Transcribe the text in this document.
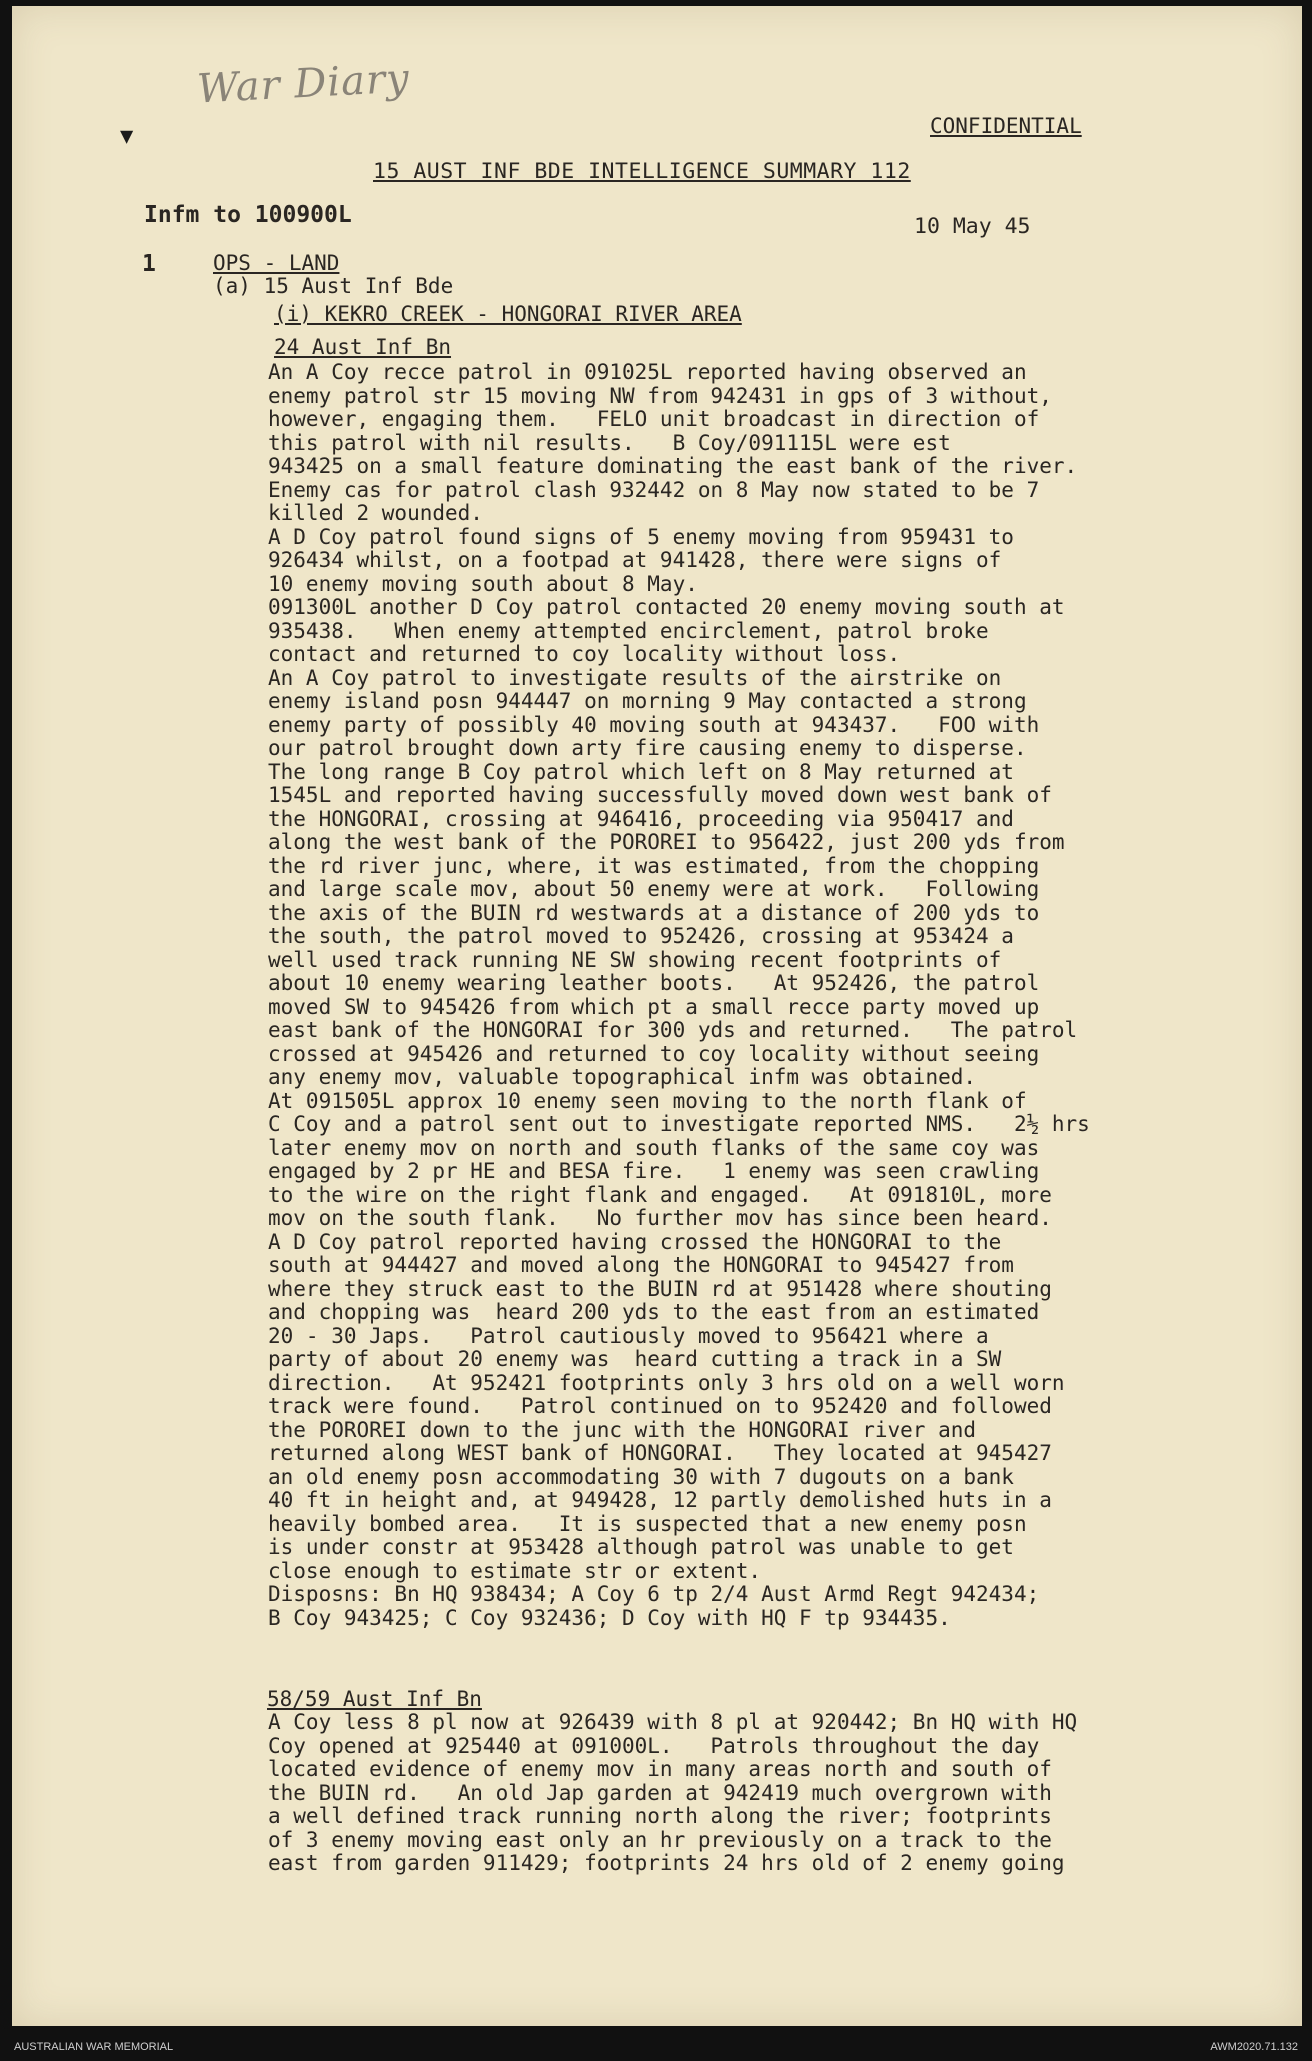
War Diary
▼	CONFIDENTIAL
15 AUST INF BDE INTELLIGENCE SUMMARY 112
Infm to 100900L	10 May 45
1	OPS - LAND
(a) 15 Aust Inf Bde
(i) KEKRO CREEK - HONGORAI RIVER AREA
24 Aust Inf Bn
An A Coy recce patrol in 091025L reported having observed an
enemy patrol str 15 moving NW from 942431 in gps of 3 without,
however, engaging them.   FELO unit broadcast in direction of
this patrol with nil results.   B Coy/091115L were est
943425 on a small feature dominating the east bank of the river.
Enemy cas for patrol clash 932442 on 8 May now stated to be 7
killed 2 wounded.
A D Coy patrol found signs of 5 enemy moving from 959431 to
926434 whilst, on a footpad at 941428, there were signs of
10 enemy moving south about 8 May.
091300L another D Coy patrol contacted 20 enemy moving south at
935438.   When enemy attempted encirclement, patrol broke
contact and returned to coy locality without loss.
An A Coy patrol to investigate results of the airstrike on
enemy island posn 944447 on morning 9 May contacted a strong
enemy party of possibly 40 moving south at 943437.   FOO with
our patrol brought down arty fire causing enemy to disperse.
The long range B Coy patrol which left on 8 May returned at
1545L and reported having successfully moved down west bank of
the HONGORAI, crossing at 946416, proceeding via 950417 and
along the west bank of the POROREI to 956422, just 200 yds from
the rd river junc, where, it was estimated, from the chopping
and large scale mov, about 50 enemy were at work.   Following
the axis of the BUIN rd westwards at a distance of 200 yds to
the south, the patrol moved to 952426, crossing at 953424 a
well used track running NE SW showing recent footprints of
about 10 enemy wearing leather boots.   At 952426, the patrol
moved SW to 945426 from which pt a small recce party moved up
east bank of the HONGORAI for 300 yds and returned.   The patrol
crossed at 945426 and returned to coy locality without seeing
any enemy mov, valuable topographical infm was obtained.
At 091505L approx 10 enemy seen moving to the north flank of
C Coy and a patrol sent out to investigate reported NMS.   2½ hrs
later enemy mov on north and south flanks of the same coy was
engaged by 2 pr HE and BESA fire.   1 enemy was seen crawling
to the wire on the right flank and engaged.   At 091810L, more
mov on the south flank.   No further mov has since been heard.
A D Coy patrol reported having crossed the HONGORAI to the
south at 944427 and moved along the HONGORAI to 945427 from
where they struck east to the BUIN rd at 951428 where shouting
and chopping was  heard 200 yds to the east from an estimated
20 - 30 Japs.   Patrol cautiously moved to 956421 where a
party of about 20 enemy was  heard cutting a track in a SW
direction.   At 952421 footprints only 3 hrs old on a well worn
track were found.   Patrol continued on to 952420 and followed
the POROREI down to the junc with the HONGORAI river and
returned along WEST bank of HONGORAI.   They located at 945427
an old enemy posn accommodating 30 with 7 dugouts on a bank
40 ft in height and, at 949428, 12 partly demolished huts in a
heavily bombed area.   It is suspected that a new enemy posn
is under constr at 953428 although patrol was unable to get
close enough to estimate str or extent.
Disposns: Bn HQ 938434; A Coy 6 tp 2/4 Aust Armd Regt 942434;
B Coy 943425; C Coy 932436; D Coy with HQ F tp 934435.
58/59 Aust Inf Bn
A Coy less 8 pl now at 926439 with 8 pl at 920442; Bn HQ with HQ
Coy opened at 925440 at 091000L.   Patrols throughout the day
located evidence of enemy mov in many areas north and south of
the BUIN rd.   An old Jap garden at 942419 much overgrown with
a well defined track running north along the river; footprints
of 3 enemy moving east only an hr previously on a track to the
east from garden 911429; footprints 24 hrs old of 2 enemy going
AUSTRALIAN WAR MEMORIAL	AWM2020.71.132
